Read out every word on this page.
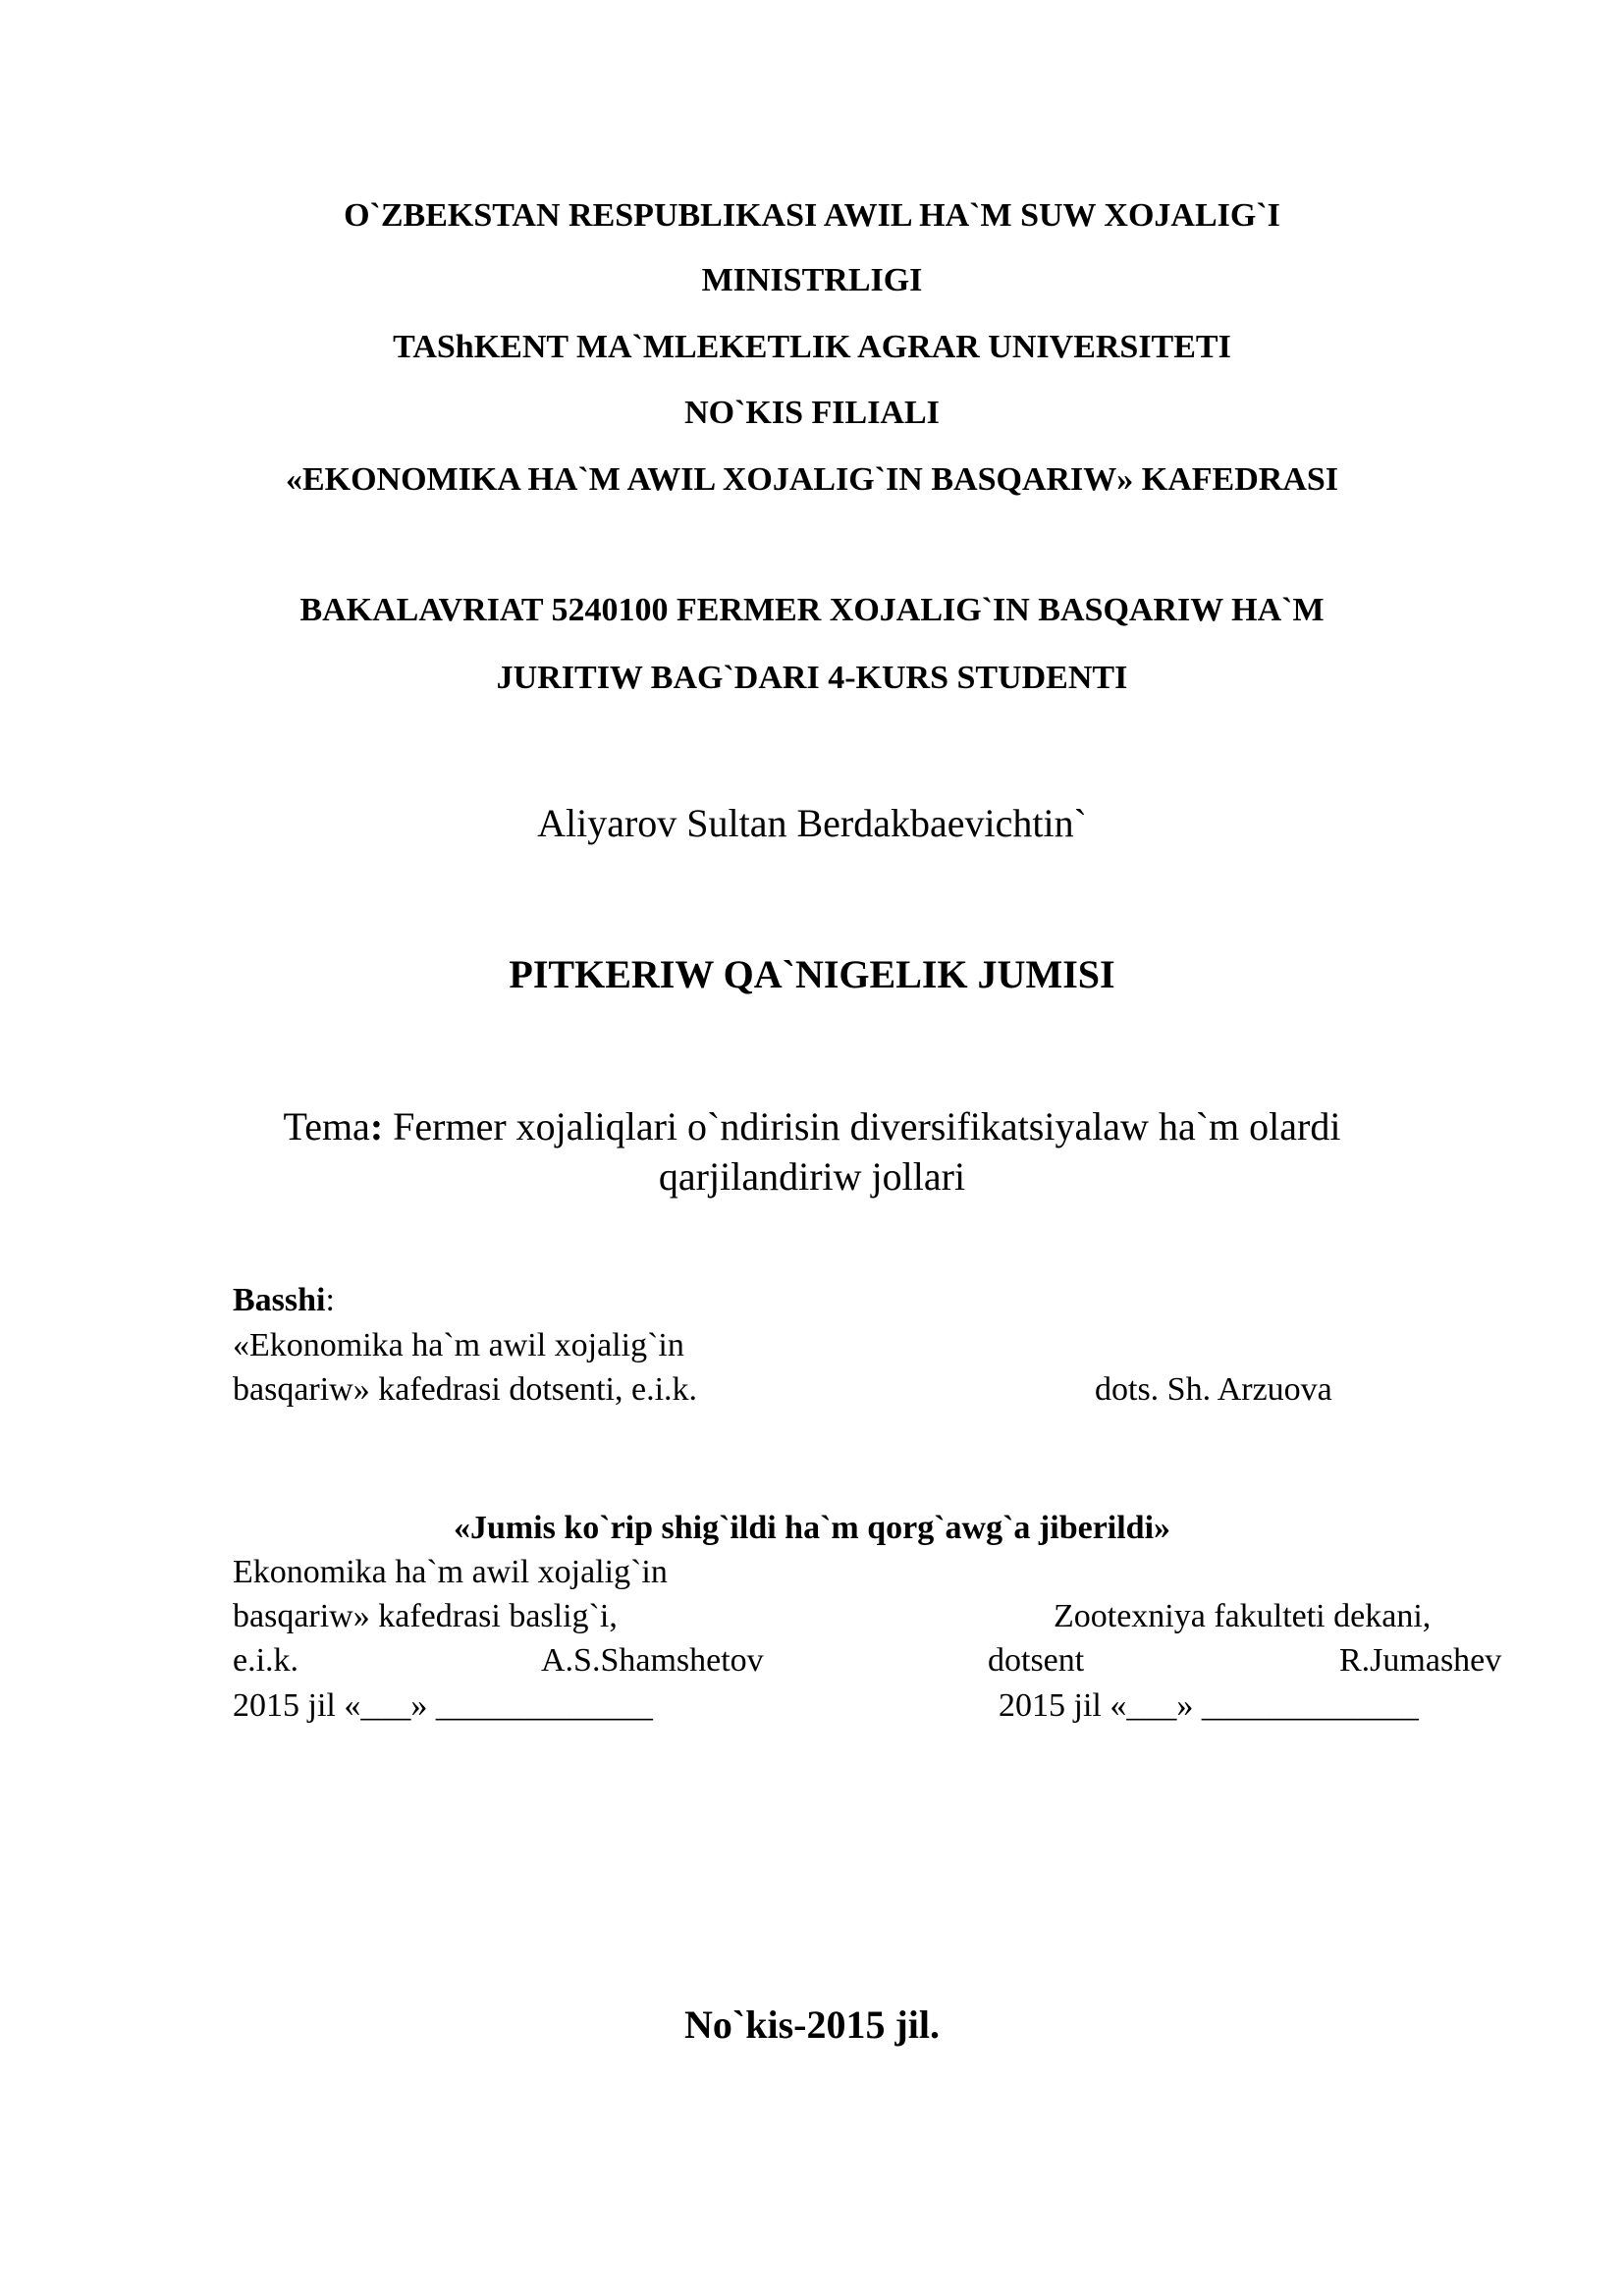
O`ZBEKSTAN RESPUBLIKASI AWIL HA`M SUW XOJALIG`I
MINISTRLIGI
TAShKENT MA`MLEKETLIK AGRAR UNIVERSITETI
NO`KIS FILIALI
«EKONOMIKA HA`M AWIL XOJALIG`IN BASQARIW» KAFEDRASI
BAKALAVRIAT 5240100 FERMER XOJALIG`IN BASQARIW HA`M
JURITIW BAG`DARI 4-KURS STUDENTI
Aliyarov Sultan Berdakbaevichtin`
PITKERIW QA`NIGELIK JUMISI
Tema: Fermer xojaliqlari o`ndirisin diversifikatsiyalaw ha`m olardi
qarjilandiriw jollari
Basshi:
«Ekonomika ha`m awil xojalig`in
basqariw» kafedrasi dotsenti, e.i.k.	dots. Sh. Arzuova
«Jumis ko`rip shig`ildi ha`m qorg`awg`a jiberildi»
Ekonomika ha`m awil xojalig`in
basqariw» kafedrasi baslig`i,	Zootexniya fakulteti dekani,
e.i.k.	A.S.Shamshetov	dotsent	R.Jumashev
2015 jil «___» _____________	2015 jil «___» _____________
No`kis-2015 jil.
